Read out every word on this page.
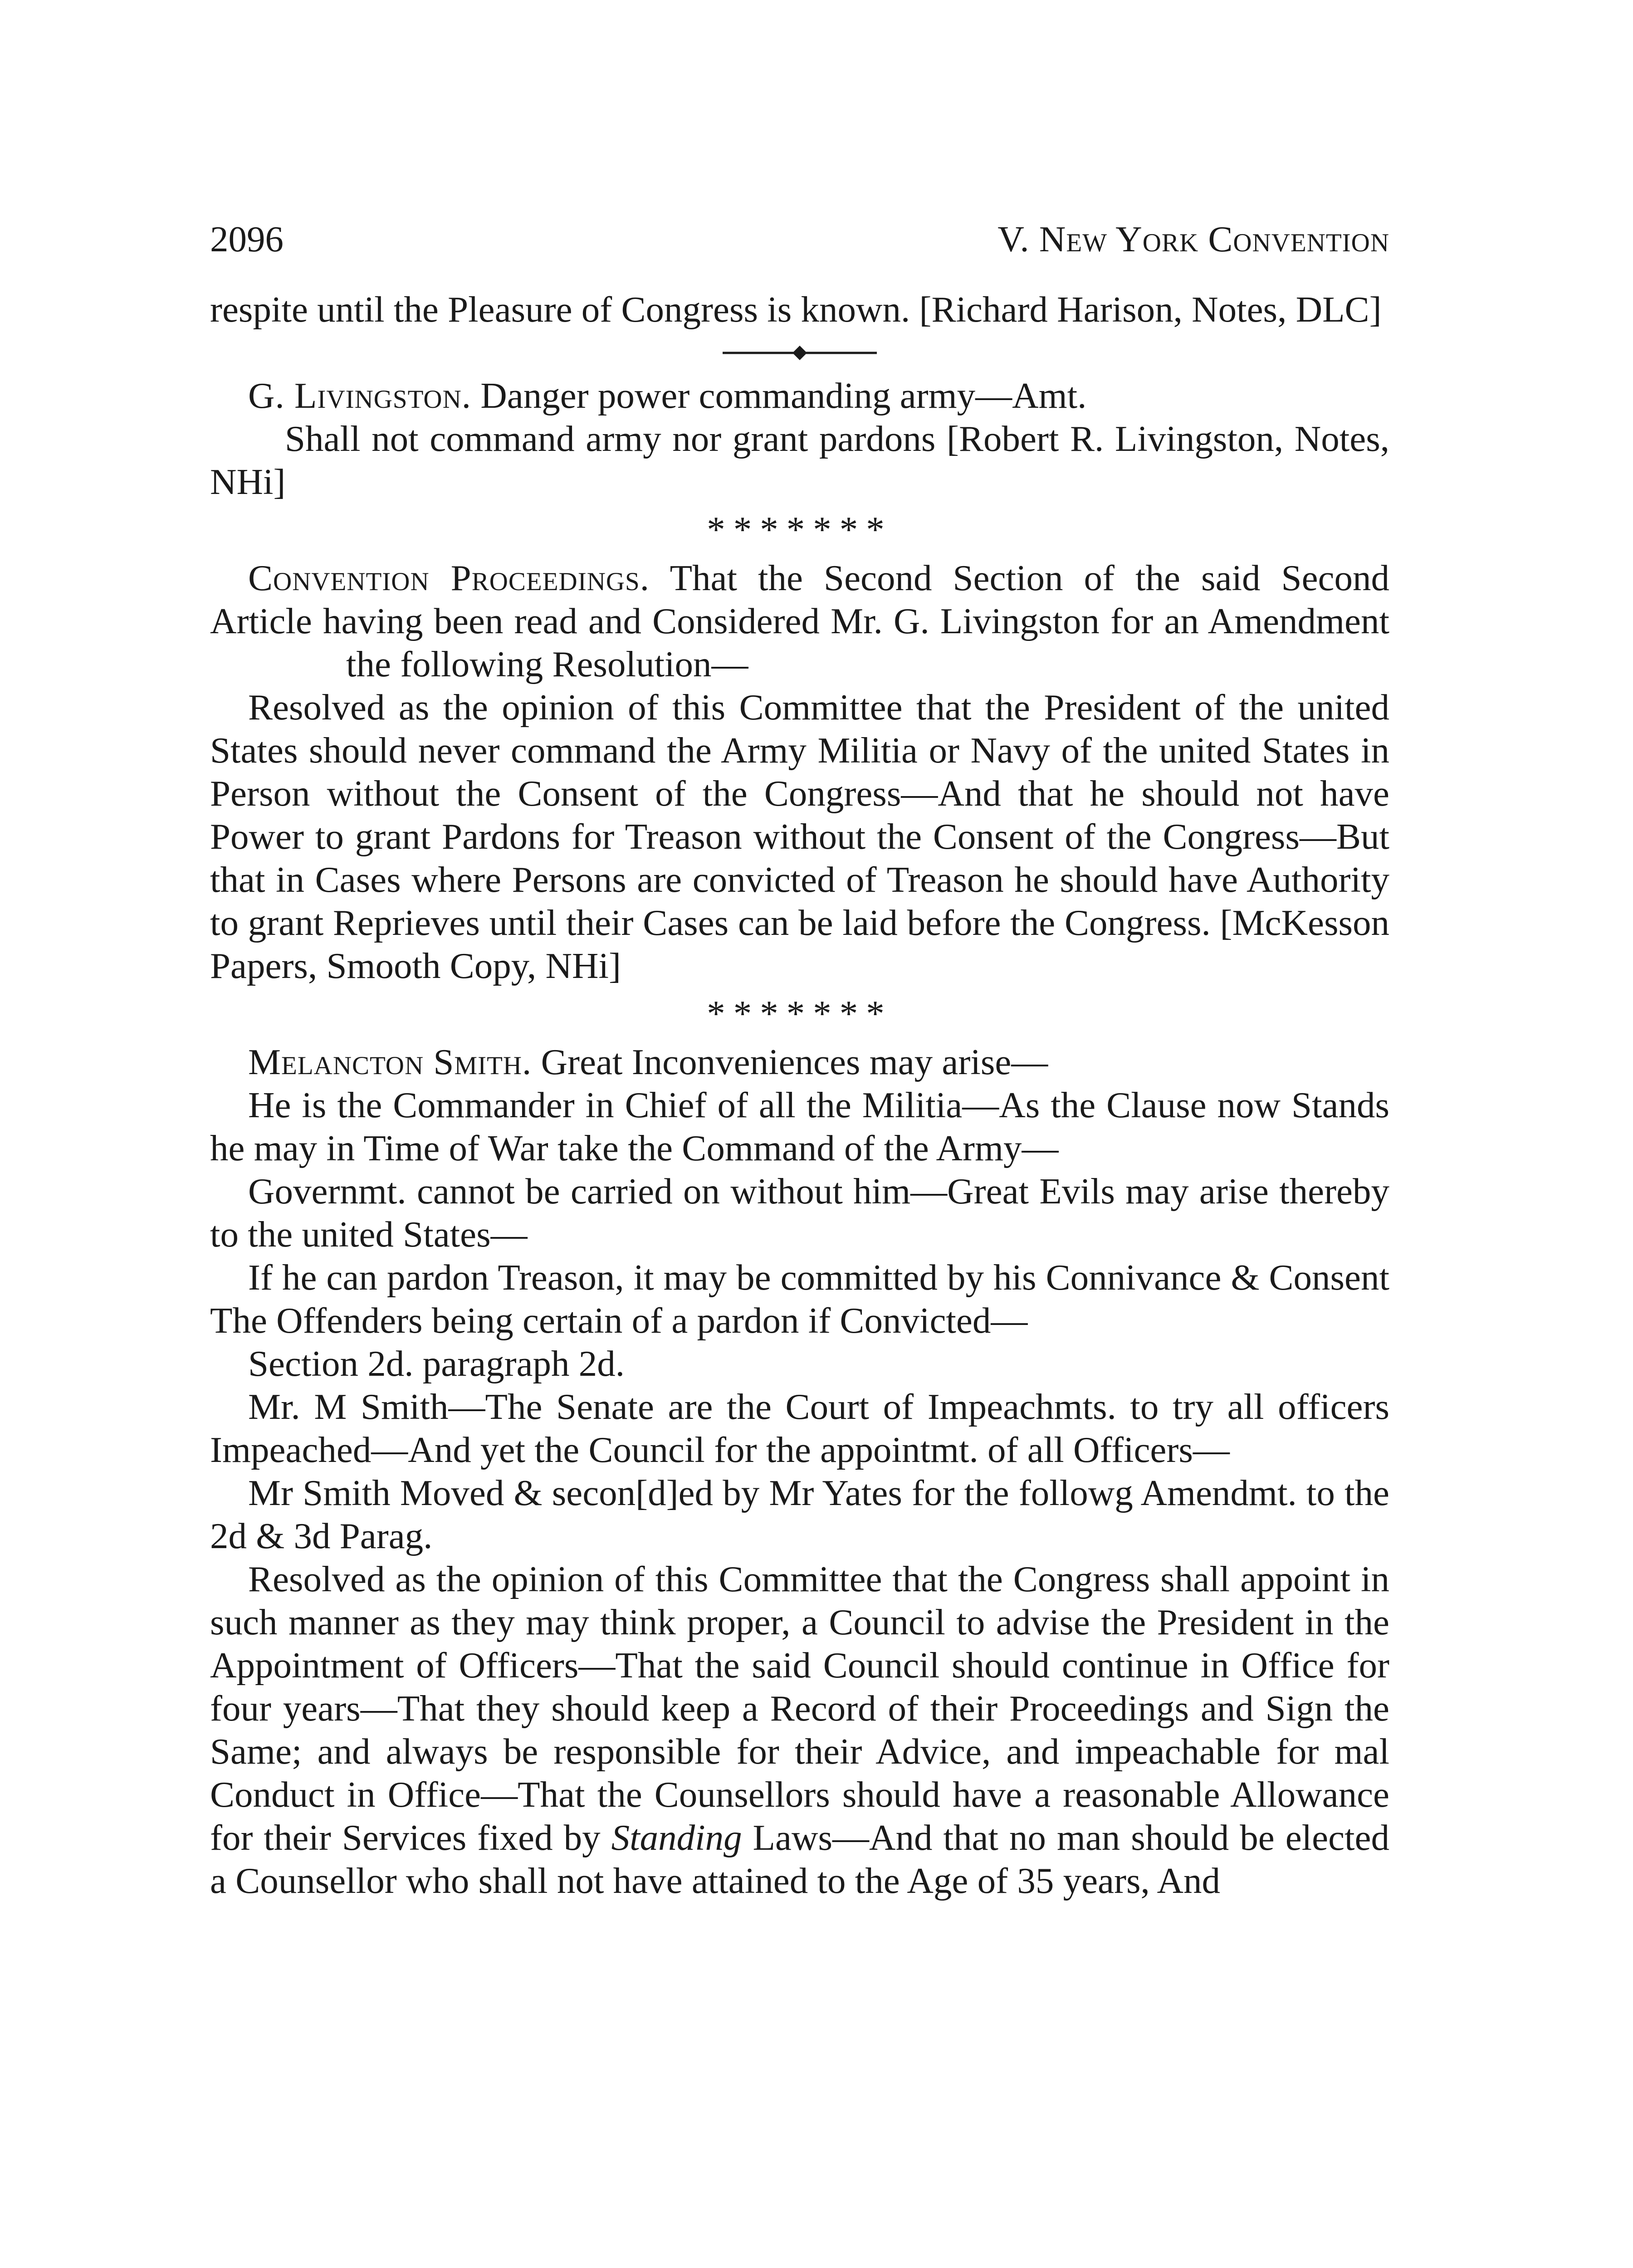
2096	V. New York Convention

respite until the Pleasure of Congress is known. [Richard Harison, Notes, DLC]

G. Livingston. Danger power commanding army—Amt.

Shall not command army nor grant pardons [Robert R. Livingston, Notes, NHi]

*******

Convention Proceedings. That the Second Section of the said Second Article having been read and Considered Mr. G. Livingston for an Amendmentthe following Resolution—

Resolved as the opinion of this Committee that the President of the united States should never command the Army Militia or Navy of the united States in Person without the Consent of the Congress—And that he should not have Power to grant Pardons for Treason without the Consent of the Congress—But that in Cases where Persons are convicted of Treason he should have Authority to grant Reprieves until their Cases can be laid before the Congress. [McKesson Papers, Smooth Copy, NHi]

*******

Melancton Smith. Great Inconveniences may arise—

He is the Commander in Chief of all the Militia—As the Clause now Stands he may in Time of War take the Command of the Army—

Governmt. cannot be carried on without him—Great Evils may arise thereby to the united States—

If he can pardon Treason, it may be committed by his Connivance & Consent The Offenders being certain of a pardon if Convicted—

Section 2d. paragraph 2d.

Mr. M Smith—The Senate are the Court of Impeachmts. to try all officers Impeached—And yet the Council for the appointmt. of all Officers—

Mr Smith Moved & secon[d]ed by Mr Yates for the followg Amendmt. to the 2d & 3d Parag.

Resolved as the opinion of this Committee that the Congress shall appoint in such manner as they may think proper, a Council to advise the President in the Appointment of Officers—That the said Council should continue in Office for four years—That they should keep a Record of their Proceedings and Sign the Same; and always be responsible for their Advice, and impeachable for mal Conduct in Office—That the Counsellors should have a reasonable Allowance for their Services fixed by Standing Laws—And that no man should be elected a Counsellor who shall not have attained to the Age of 35 years, And
